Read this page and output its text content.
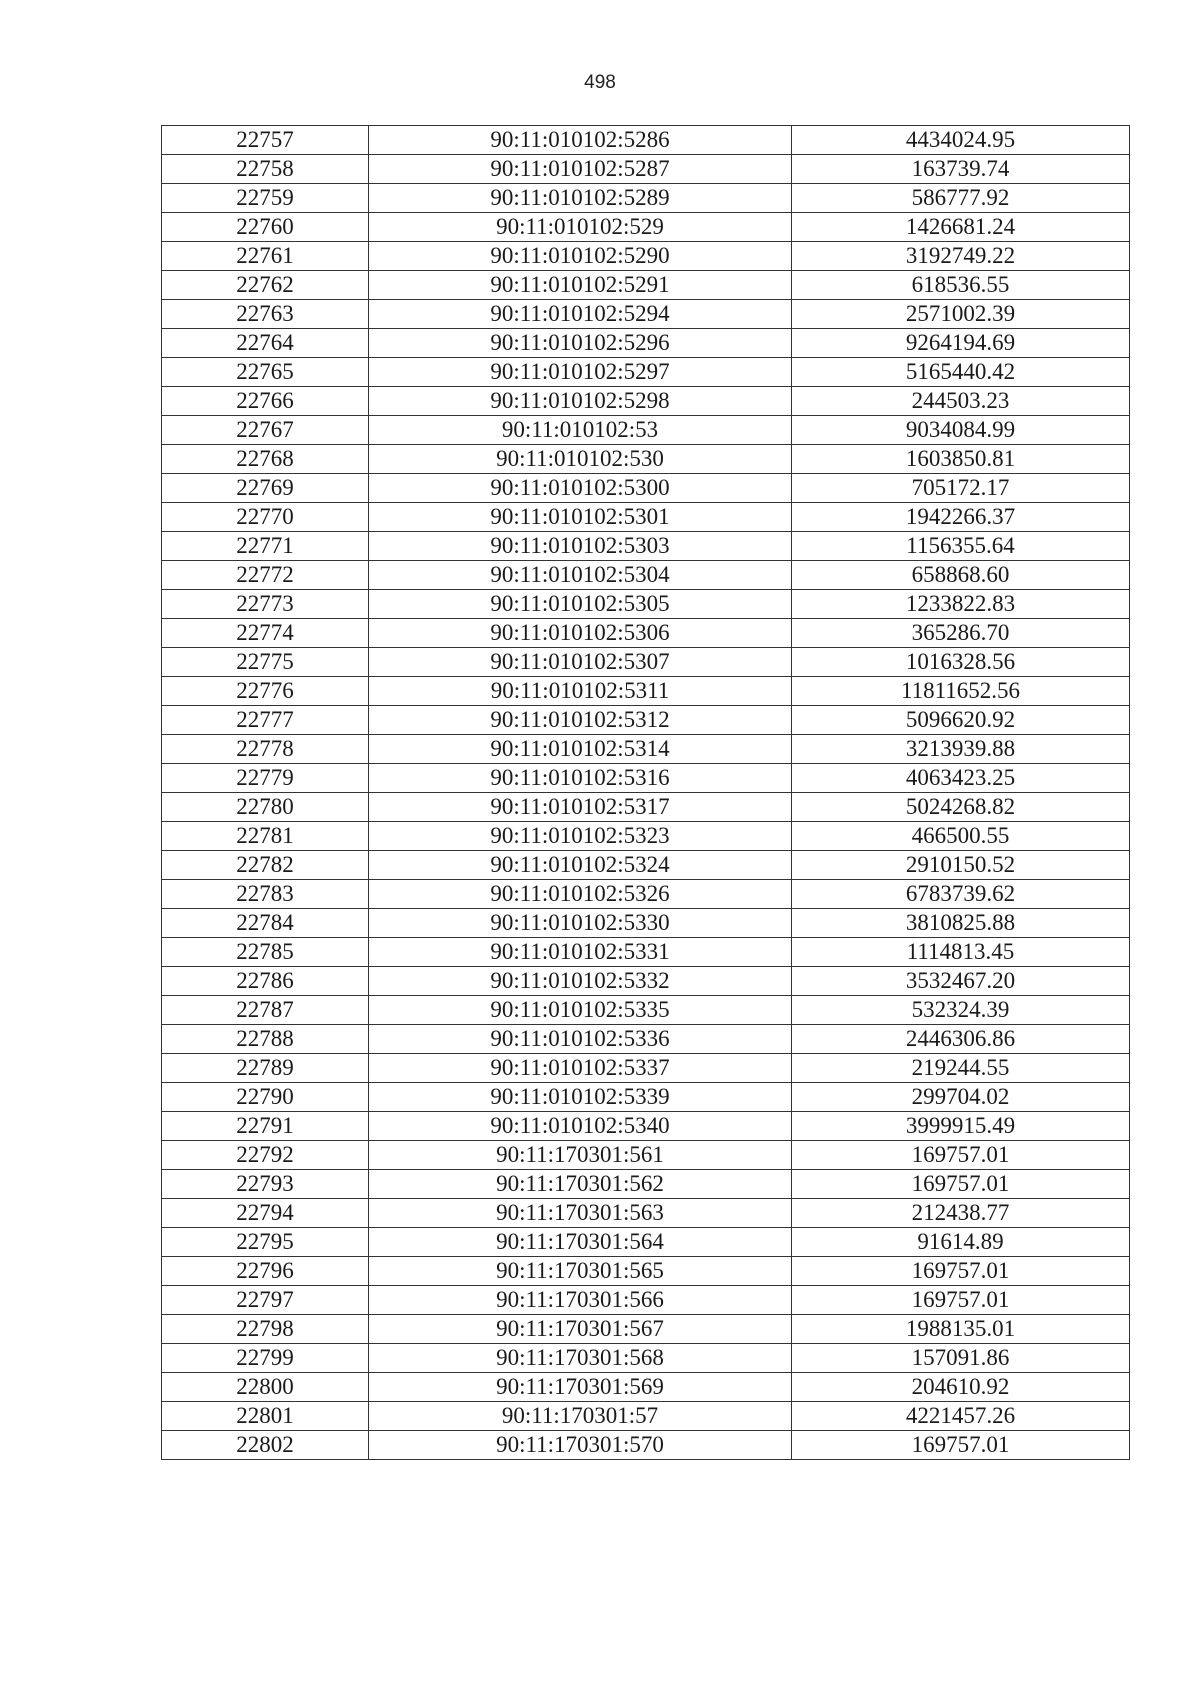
498
22757	90:11:010102:5286	4434024.95
22758	90:11:010102:5287	163739.74
22759	90:11:010102:5289	586777.92
22760	90:11:010102:529	1426681.24
22761	90:11:010102:5290	3192749.22
22762	90:11:010102:5291	618536.55
22763	90:11:010102:5294	2571002.39
22764	90:11:010102:5296	9264194.69
22765	90:11:010102:5297	5165440.42
22766	90:11:010102:5298	244503.23
22767	90:11:010102:53	9034084.99
22768	90:11:010102:530	1603850.81
22769	90:11:010102:5300	705172.17
22770	90:11:010102:5301	1942266.37
22771	90:11:010102:5303	1156355.64
22772	90:11:010102:5304	658868.60
22773	90:11:010102:5305	1233822.83
22774	90:11:010102:5306	365286.70
22775	90:11:010102:5307	1016328.56
22776	90:11:010102:5311	11811652.56
22777	90:11:010102:5312	5096620.92
22778	90:11:010102:5314	3213939.88
22779	90:11:010102:5316	4063423.25
22780	90:11:010102:5317	5024268.82
22781	90:11:010102:5323	466500.55
22782	90:11:010102:5324	2910150.52
22783	90:11:010102:5326	6783739.62
22784	90:11:010102:5330	3810825.88
22785	90:11:010102:5331	1114813.45
22786	90:11:010102:5332	3532467.20
22787	90:11:010102:5335	532324.39
22788	90:11:010102:5336	2446306.86
22789	90:11:010102:5337	219244.55
22790	90:11:010102:5339	299704.02
22791	90:11:010102:5340	3999915.49
22792	90:11:170301:561	169757.01
22793	90:11:170301:562	169757.01
22794	90:11:170301:563	212438.77
22795	90:11:170301:564	91614.89
22796	90:11:170301:565	169757.01
22797	90:11:170301:566	169757.01
22798	90:11:170301:567	1988135.01
22799	90:11:170301:568	157091.86
22800	90:11:170301:569	204610.92
22801	90:11:170301:57	4221457.26
22802	90:11:170301:570	169757.01
